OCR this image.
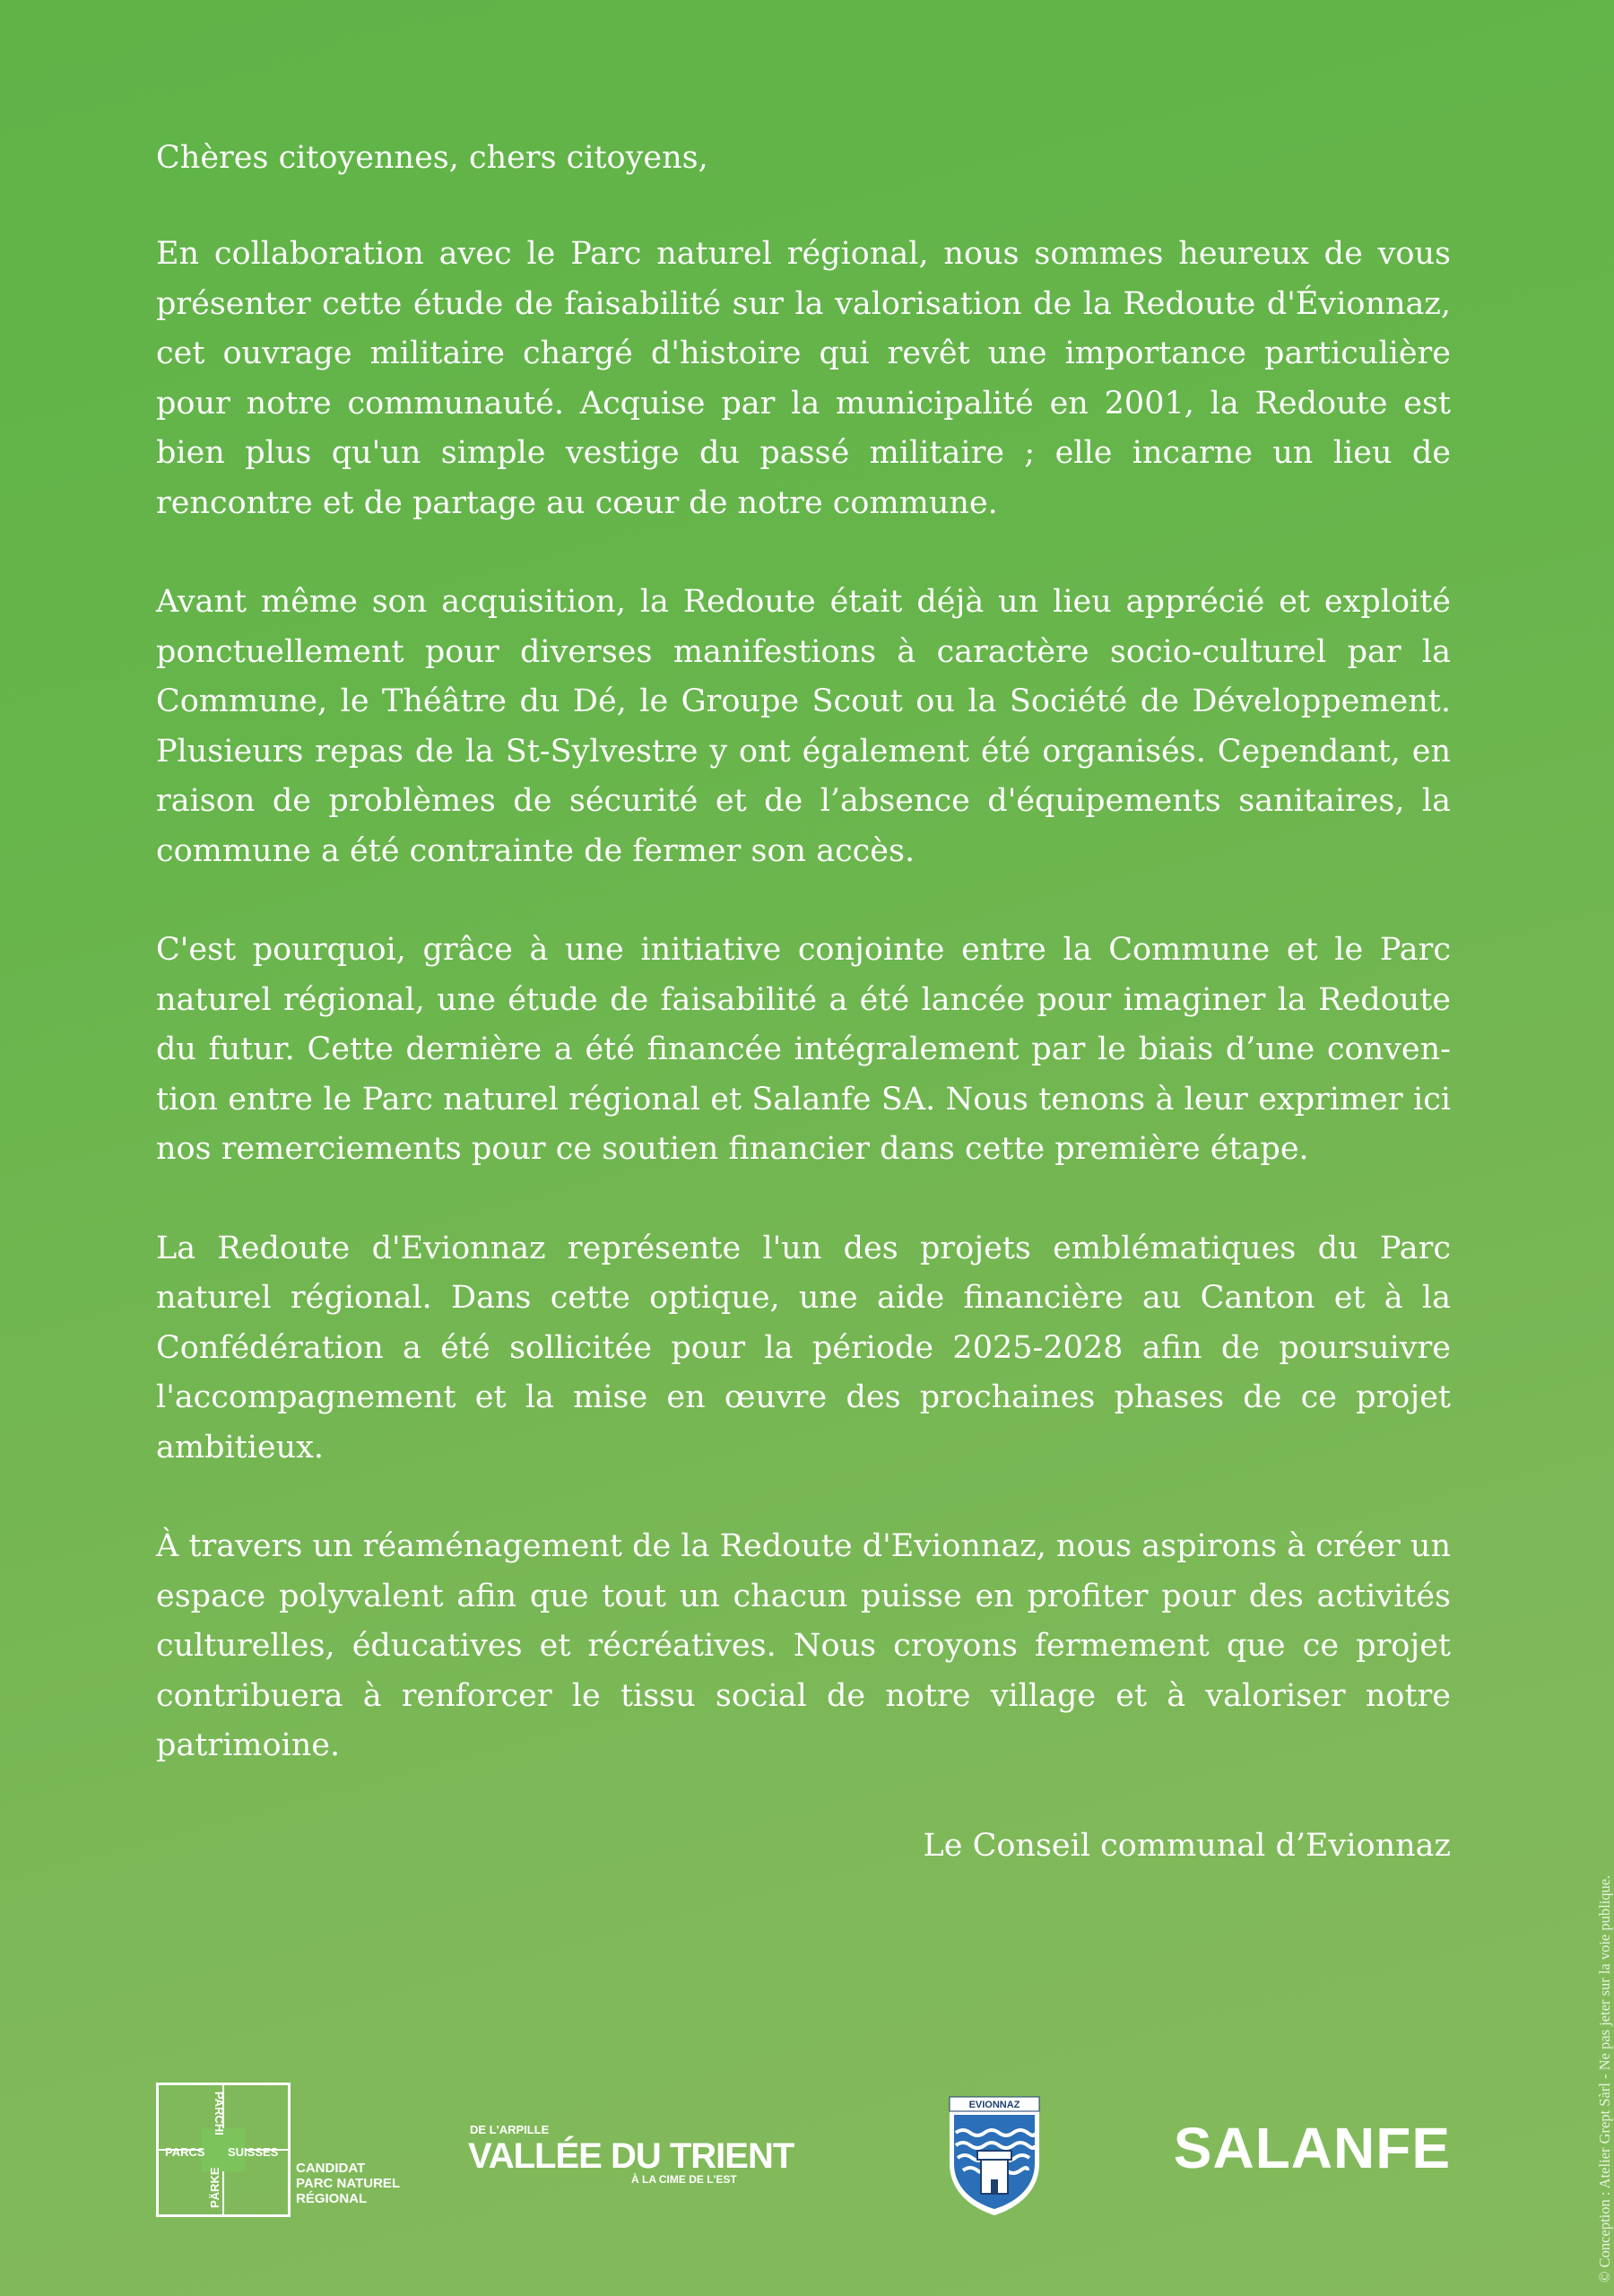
Chères citoyennes, chers citoyens,

En collaboration avec le Parc naturel régional, nous sommes heureux de vous présenter cette étude de faisabilité sur la valorisation de la Redoute d'Évionnaz, cet ouvrage militaire chargé d'histoire qui revêt une importance particulière pour notre communauté. Acquise par la municipalité en 2001, la Redoute est bien plus qu'un simple vestige du passé militaire ; elle incarne un lieu de rencontre et de partage au cœur de notre commune.

Avant même son acquisition, la Redoute était déjà un lieu apprécié et exploité ponctuellement pour diverses manifestions à caractère socio-culturel par la Commune, le Théâtre du Dé, le Groupe Scout ou la Société de Développement. Plusieurs repas de la St-Sylvestre y ont également été organisés. Cependant, en raison de problèmes de sécurité et de l’absence d'équipements sanitaires, la commune a été contrainte de fermer son accès.

C'est pourquoi, grâce à une initiative conjointe entre la Commune et le Parc naturel régional, une étude de faisabilité a été lancée pour imaginer la Redoute du futur. Cette dernière a été financée intégralement par le biais d’une convention entre le Parc naturel régional et Salanfe SA. Nous tenons à leur exprimer ici nos remerciements pour ce soutien financier dans cette première étape.

La Redoute d'Evionnaz représente l'un des projets emblématiques du Parc naturel régional. Dans cette optique, une aide financière au Canton et à la Confédération a été sollicitée pour la période 2025-2028 afin de poursuivre l'accompagnement et la mise en œuvre des prochaines phases de ce projet ambitieux.

À travers un réaménagement de la Redoute d'Evionnaz, nous aspirons à créer un espace polyvalent afin que tout un chacun puisse en profiter pour des activités culturelles, éducatives et récréatives. Nous croyons fermement que ce projet contribuera à renforcer le tissu social de notre village et à valoriser notre patrimoine.

Le Conseil communal d’Evionnaz

© Conception : Atelier Grept Sàrl - Ne pas jeter sur la voie publique.
PARCS
PARCHI
SUISSES
PÄRKE	CANDIDAT
PARC NATUREL
RÉGIONAL
DE L'ARPILLE
VALLÉE DU TRIENT
À LA CIME DE L'EST
EVIONNAZ
SALANFE
